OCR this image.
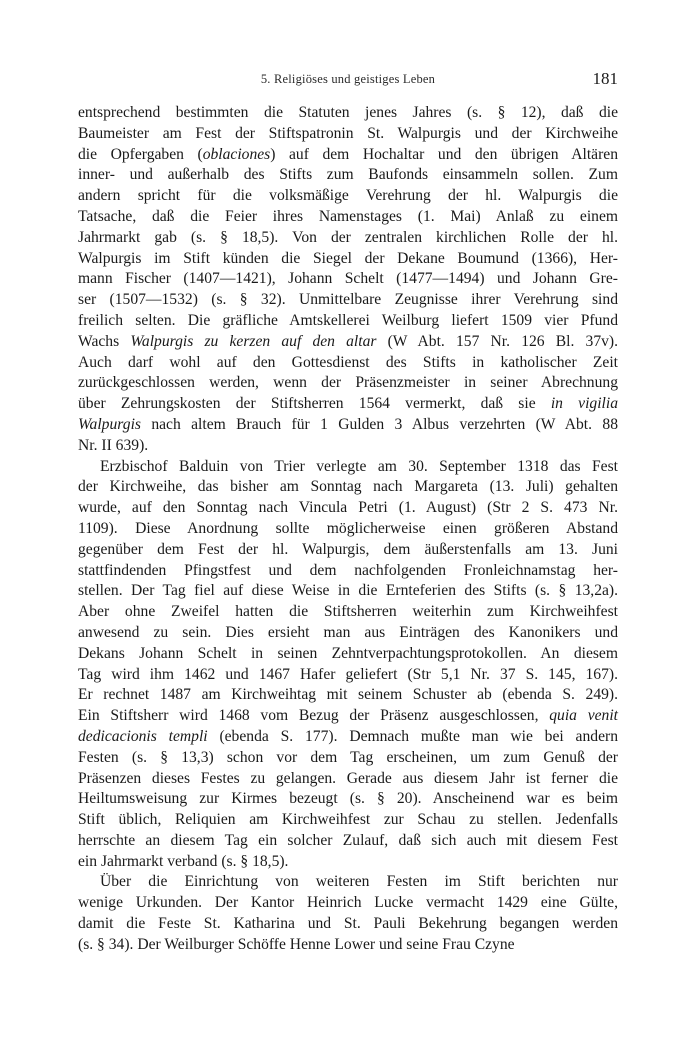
5. Religiöses und geistiges Leben	181
entsprechend bestimmten die Statuten jenes Jahres (s. § 12), daß die
Baumeister am Fest der Stiftspatronin St. Walpurgis und der Kirchweihe
die Opfergaben (oblaciones) auf dem Hochaltar und den übrigen Altären
inner- und außerhalb des Stifts zum Baufonds einsammeln sollen. Zum
andern spricht für die volksmäßige Verehrung der hl. Walpurgis die
Tatsache, daß die Feier ihres Namenstages (1. Mai) Anlaß zu einem
Jahrmarkt gab (s. § 18,5). Von der zentralen kirchlichen Rolle der hl.
Walpurgis im Stift künden die Siegel der Dekane Boumund (1366), Her-
mann Fischer (1407—1421), Johann Schelt (1477—1494) und Johann Gre-
ser (1507—1532) (s. § 32). Unmittelbare Zeugnisse ihrer Verehrung sind
freilich selten. Die gräfliche Amtskellerei Weilburg liefert 1509 vier Pfund
Wachs Walpurgis zu kerzen auf den altar (W Abt. 157 Nr. 126 Bl. 37v).
Auch darf wohl auf den Gottesdienst des Stifts in katholischer Zeit
zurückgeschlossen werden, wenn der Präsenzmeister in seiner Abrechnung
über Zehrungskosten der Stiftsherren 1564 vermerkt, daß sie in vigilia
Walpurgis nach altem Brauch für 1 Gulden 3 Albus verzehrten (W Abt. 88
Nr. II 639).
Erzbischof Balduin von Trier verlegte am 30. September 1318 das Fest
der Kirchweihe, das bisher am Sonntag nach Margareta (13. Juli) gehalten
wurde, auf den Sonntag nach Vincula Petri (1. August) (Str 2 S. 473 Nr.
1109). Diese Anordnung sollte möglicherweise einen größeren Abstand
gegenüber dem Fest der hl. Walpurgis, dem äußerstenfalls am 13. Juni
stattfindenden Pfingstfest und dem nachfolgenden Fronleichnamstag her-
stellen. Der Tag fiel auf diese Weise in die Ernteferien des Stifts (s. § 13,2a).
Aber ohne Zweifel hatten die Stiftsherren weiterhin zum Kirchweihfest
anwesend zu sein. Dies ersieht man aus Einträgen des Kanonikers und
Dekans Johann Schelt in seinen Zehntverpachtungsprotokollen. An diesem
Tag wird ihm 1462 und 1467 Hafer geliefert (Str 5,1 Nr. 37 S. 145, 167).
Er rechnet 1487 am Kirchweihtag mit seinem Schuster ab (ebenda S. 249).
Ein Stiftsherr wird 1468 vom Bezug der Präsenz ausgeschlossen, quia venit
dedicacionis templi (ebenda S. 177). Demnach mußte man wie bei andern
Festen (s. § 13,3) schon vor dem Tag erscheinen, um zum Genuß der
Präsenzen dieses Festes zu gelangen. Gerade aus diesem Jahr ist ferner die
Heiltumsweisung zur Kirmes bezeugt (s. § 20). Anscheinend war es beim
Stift üblich, Reliquien am Kirchweihfest zur Schau zu stellen. Jedenfalls
herrschte an diesem Tag ein solcher Zulauf, daß sich auch mit diesem Fest
ein Jahrmarkt verband (s. § 18,5).
Über die Einrichtung von weiteren Festen im Stift berichten nur
wenige Urkunden. Der Kantor Heinrich Lucke vermacht 1429 eine Gülte,
damit die Feste St. Katharina und St. Pauli Bekehrung begangen werden
(s. § 34). Der Weilburger Schöffe Henne Lower und seine Frau Czyne
